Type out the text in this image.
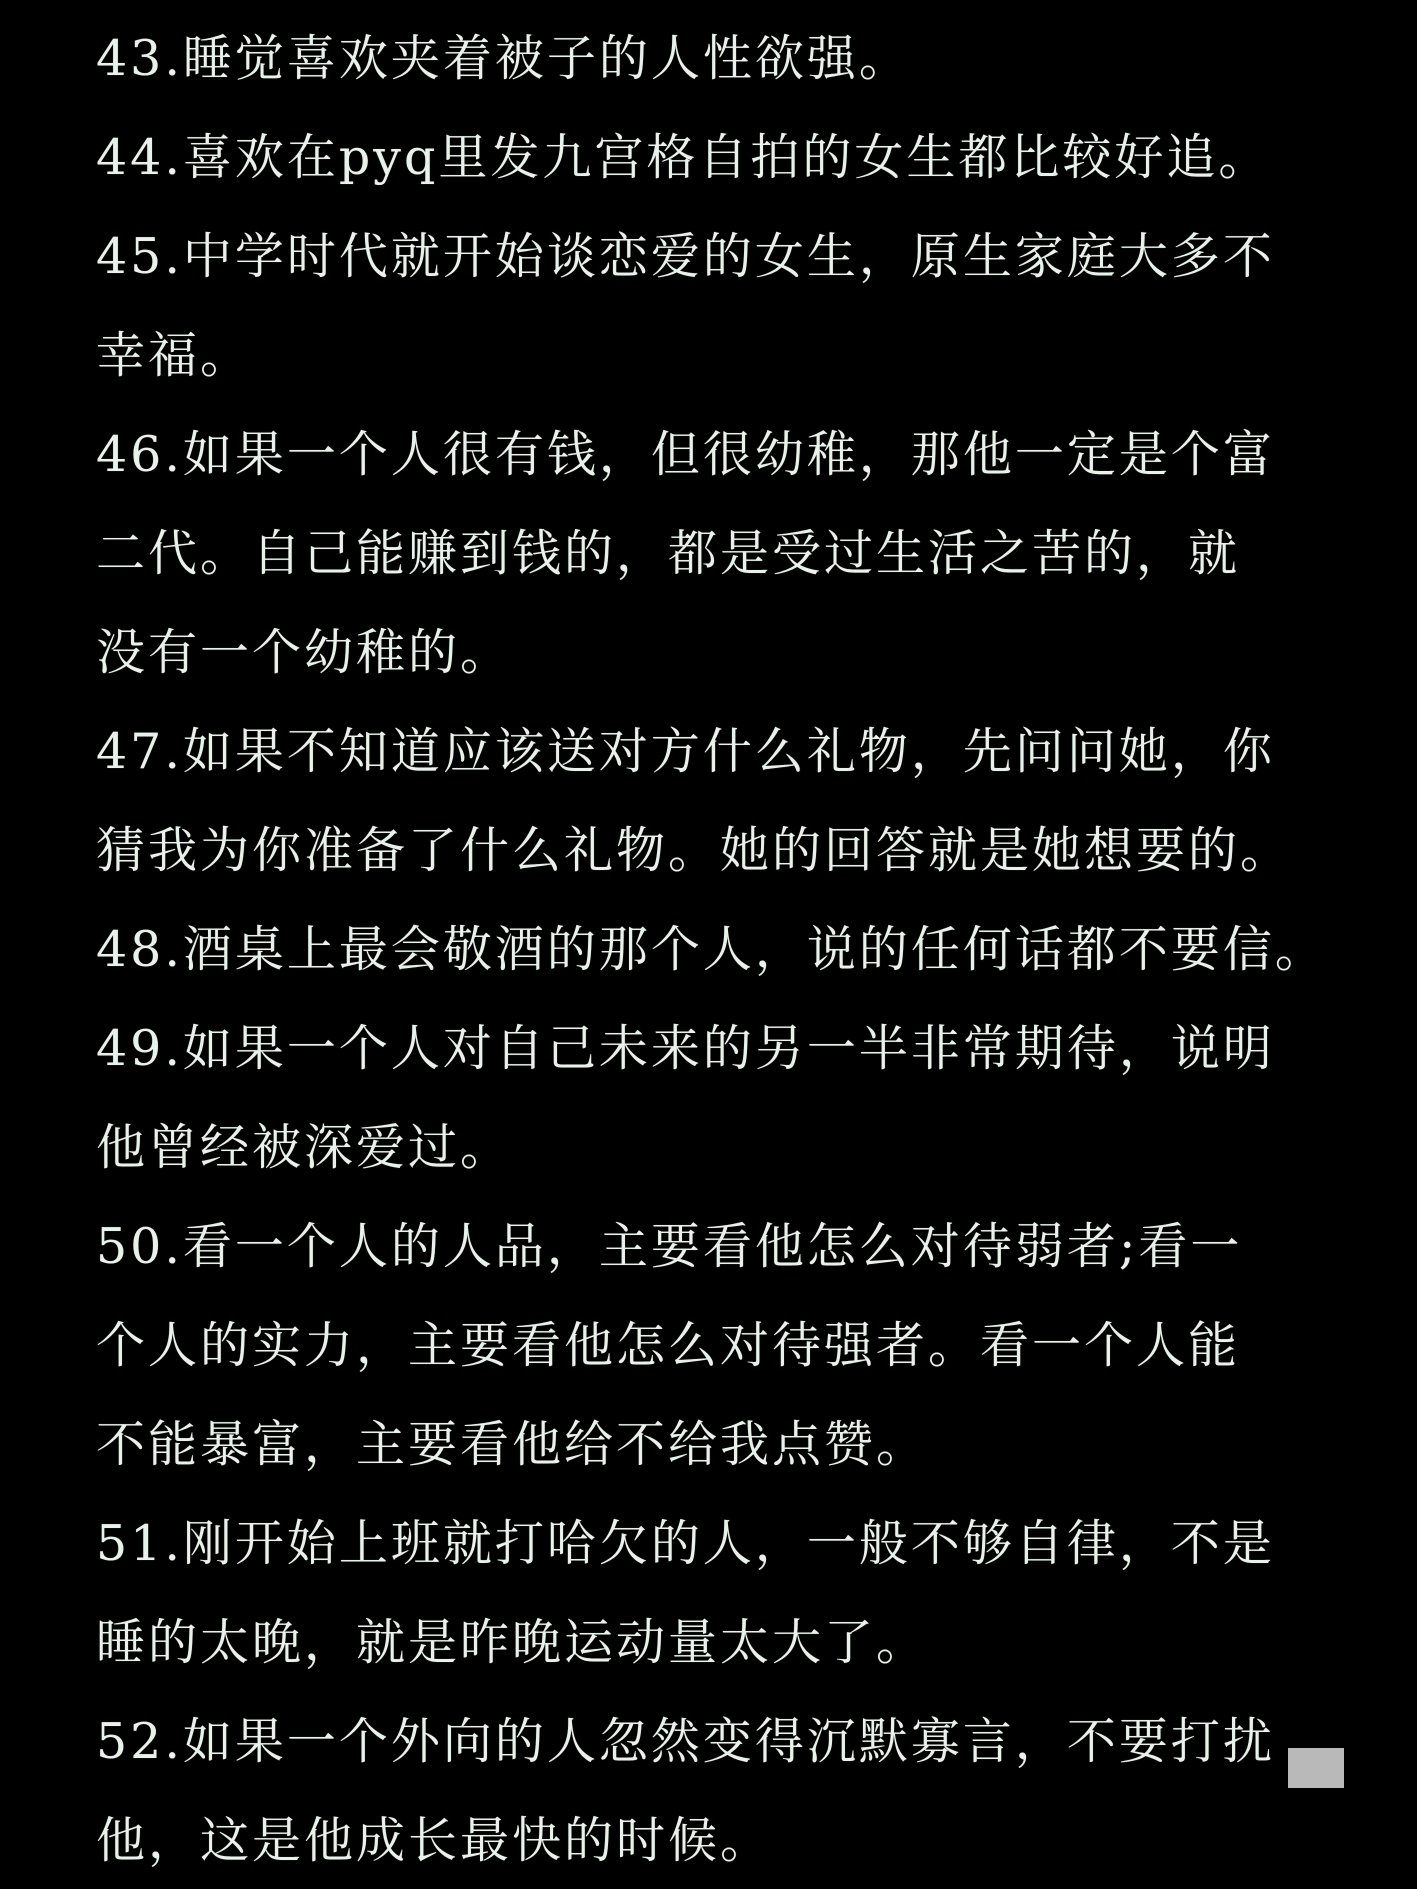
43.睡觉喜欢夹着被子的人性欲强。
44.喜欢在pyq里发九宫格自拍的女生都比较好追。
45.中学时代就开始谈恋爱的女生，原生家庭大多不
幸福。
46.如果一个人很有钱，但很幼稚，那他一定是个富
二代。自己能赚到钱的，都是受过生活之苦的，就
没有一个幼稚的。
47.如果不知道应该送对方什么礼物，先问问她，你
猜我为你准备了什么礼物。她的回答就是她想要的。
48.酒桌上最会敬酒的那个人，说的任何话都不要信。
49.如果一个人对自己未来的另一半非常期待，说明
他曾经被深爱过。
50.看一个人的人品，主要看他怎么对待弱者;看一
个人的实力，主要看他怎么对待强者。看一个人能
不能暴富，主要看他给不给我点赞。
51.刚开始上班就打哈欠的人，一般不够自律，不是
睡的太晚，就是昨晚运动量太大了。
52.如果一个外向的人忽然变得沉默寡言，不要打扰
他，这是他成长最快的时候。
